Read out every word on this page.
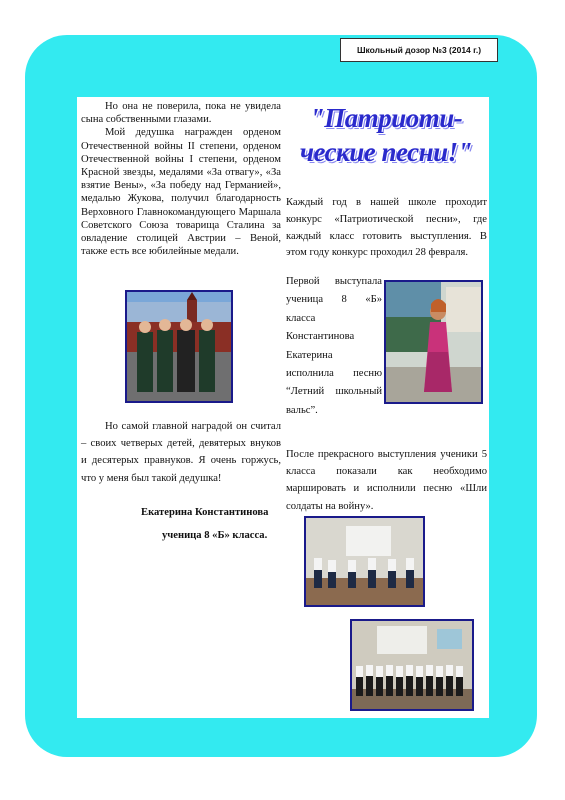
Школьный дозор №3 (2014 г.)

Но она не поверила, пока не увидела сына собственными глазами.

Мой дедушка награжден орденом Отечественной войны II степени, орденом Отечественной войны I степени, орденом Красной звезды, медалями «За отвагу», «За взятие Вены», «За победу над Германией», медалью Жукова, получил благодарность Верховного Главнокомандующего Маршала Советского Союза товарища Сталина за овладение столицей Австрии – Веной, также есть все юбилейные медали.

Но самой главной наградой он считал – своих четверых детей, девятерых внуков и десятерых правнуков. Я очень горжусь, что у меня был такой дедушка!

Екатерина Константинова
ученица 8 «Б» класса.
"Патриоти-
ческие песни!"

Каждый год в нашей школе проходит конкурс «Патриотической песни», где каждый класс готовить выступления. В этом году конкурс проходил 28 февраля.

Первой выступала ученица 8 «Б» класса Константинова Екатерина исполнила песню “Летний школьный вальс”.

После прекрасного выступления ученики 5 класса показали как необходимо маршировать и исполнили песню «Шли солдаты на войну».
